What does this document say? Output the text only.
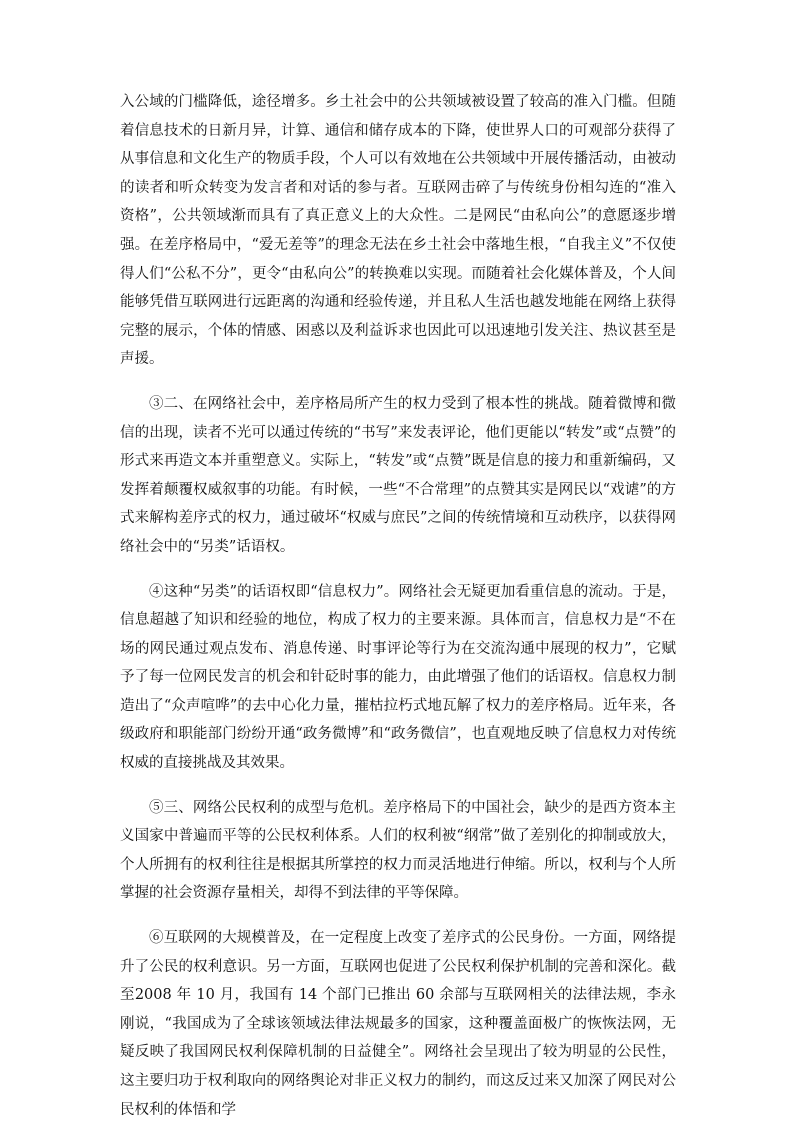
入公域的门槛降低，途径增多。乡土社会中的公共领域被设置了较高的准入门槛。但随着信息技术的日新月异，计算、通信和储存成本的下降，使世界人口的可观部分获得了从事信息和文化生产的物质手段，个人可以有效地在公共领域中开展传播活动，由被动的读者和听众转变为发言者和对话的参与者。互联网击碎了与传统身份相勾连的“准入资格”，公共领域渐而具有了真正意义上的大众性。二是网民“由私向公”的意愿逐步增强。在差序格局中，“爱无差等”的理念无法在乡土社会中落地生根，“自我主义”不仅使得人们“公私不分”，更令“由私向公”的转换难以实现。而随着社会化媒体普及，个人间能够凭借互联网进行远距离的沟通和经验传递，并且私人生活也越发地能在网络上获得完整的展示，个体的情感、困惑以及利益诉求也因此可以迅速地引发关注、热议甚至是声援。

③二、在网络社会中，差序格局所产生的权力受到了根本性的挑战。随着微博和微信的出现，读者不光可以通过传统的“书写”来发表评论，他们更能以“转发”或“点赞”的形式来再造文本并重塑意义。实际上，“转发”或“点赞”既是信息的接力和重新编码，又发挥着颠覆权威叙事的功能。有时候，一些“不合常理”的点赞其实是网民以“戏谑”的方式来解构差序式的权力，通过破坏“权威与庶民”之间的传统情境和互动秩序，以获得网络社会中的“另类”话语权。

④这种“另类”的话语权即“信息权力”。网络社会无疑更加看重信息的流动。于是，信息超越了知识和经验的地位，构成了权力的主要来源。具体而言，信息权力是“不在场的网民通过观点发布、消息传递、时事评论等行为在交流沟通中展现的权力”，它赋予了每一位网民发言的机会和针砭时事的能力，由此增强了他们的话语权。信息权力制造出了“众声喧哗”的去中心化力量，摧枯拉朽式地瓦解了权力的差序格局。近年来，各级政府和职能部门纷纷开通“政务微博”和“政务微信”，也直观地反映了信息权力对传统权威的直接挑战及其效果。

⑤三、网络公民权利的成型与危机。差序格局下的中国社会，缺少的是西方资本主义国家中普遍而平等的公民权利体系。人们的权利被“纲常”做了差别化的抑制或放大，个人所拥有的权利往往是根据其所掌控的权力而灵活地进行伸缩。所以，权利与个人所掌握的社会资源存量相关，却得不到法律的平等保障。

⑥互联网的大规模普及，在一定程度上改变了差序式的公民身份。一方面，网络提升了公民的权利意识。另一方面，互联网也促进了公民权利保护机制的完善和深化。截至2008 年 10 月，我国有 14 个部门已推出 60 余部与互联网相关的法律法规，李永刚说，“我国成为了全球该领域法律法规最多的国家，这种覆盖面极广的恢恢法网，无疑反映了我国网民权利保障机制的日益健全”。网络社会呈现出了较为明显的公民性，这主要归功于权利取向的网络舆论对非正义权力的制约，而这反过来又加深了网民对公民权利的体悟和学
